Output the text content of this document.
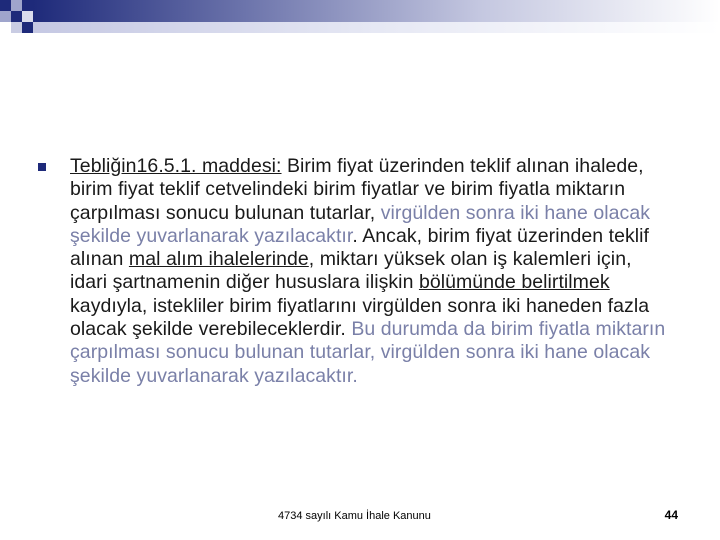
Tebliğin16.5.1. maddesi: Birim fiyat üzerinden teklif alınan ihalede, birim fiyat teklif cetvelindeki birim fiyatlar ve birim fiyatla miktarın çarpılması sonucu bulunan tutarlar, virgülden sonra iki hane olacak şekilde yuvarlanarak yazılacaktır. Ancak, birim fiyat üzerinden teklif alınan mal alım ihalelerinde, miktarı yüksek olan iş kalemleri için, idari şartnamenin diğer hususlara ilişkin bölümünde belirtilmek kaydıyla, istekliler birim fiyatlarını virgülden sonra iki haneden fazla olacak şekilde verebileceklerdir. Bu durumda da birim fiyatla miktarın çarpılması sonucu bulunan tutarlar, virgülden sonra iki hane olacak şekilde yuvarlanarak yazılacaktır.
4734 sayılı Kamu İhale Kanunu	44
